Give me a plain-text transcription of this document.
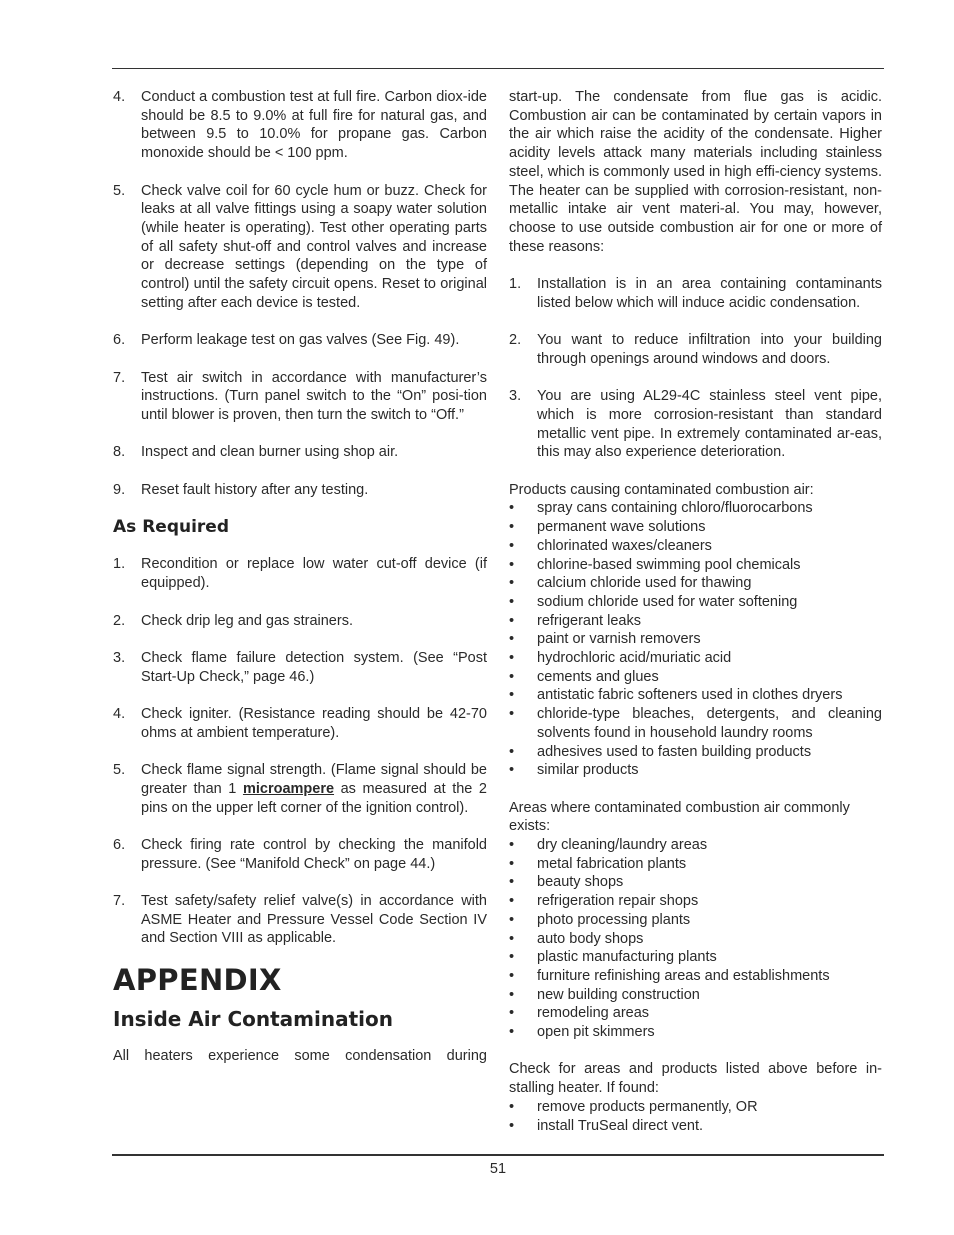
4.	Conduct a combustion test at full fire. Carbon diox-ide should be 8.5 to 9.0% at full fire for natural gas, and between 9.5 to 10.0% for propane gas. Carbon monoxide should be < 100 ppm.
5.	Check valve coil for 60 cycle hum or buzz. Check for leaks at all valve fittings using a soapy water solution (while heater is operating). Test other operating parts of all safety shut-off and control valves and increase or decrease settings (depending on the type of control) until the safety circuit opens. Reset to original setting after each device is tested.
6.	Perform leakage test on gas valves (See Fig. 49).
7.	Test air switch in accordance with manufacturer’s instructions. (Turn panel switch to the “On” posi-tion until blower is proven, then turn the switch to “Off.”
8.	Inspect and clean burner using shop air.
9.	Reset fault history after any testing.
As Required
1.	Recondition or replace low water cut-off device (if equipped).
2.	Check drip leg and gas strainers.
3.	Check flame failure detection system. (See “Post Start-Up Check,” page 46.)
4.	Check igniter. (Resistance reading should be 42-70 ohms at ambient temperature).
5.	Check flame signal strength. (Flame signal should be greater than 1 microampere as measured at the 2 pins on the upper left corner of the ignition control).
6.	Check firing rate control by checking the manifold pressure. (See “Manifold Check” on page 44.)
7.	Test safety/safety relief valve(s) in accordance with ASME Heater and Pressure Vessel Code Section IV and Section VIII as applicable.
APPENDIX
Inside Air Contamination
All heaters experience some condensation during
start-up. The condensate from flue gas is acidic. Combustion air can be contaminated by certain vapors in the air which raise the acidity of the condensate. Higher acidity levels attack many materials including stainless steel, which is commonly used in high effi-ciency systems. The heater can be supplied with corrosion-resistant, non-metallic intake air vent materi-al. You may, however, choose to use outside combustion air for one or more of these reasons:
1.	Installation is in an area containing contaminants listed below which will induce acidic condensation.
2.	You want to reduce infiltration into your building through openings around windows and doors.
3.	You are using AL29-4C stainless steel vent pipe, which is more corrosion-resistant than standard metallic vent pipe. In extremely contaminated ar-eas, this may also experience deterioration.
Products causing contaminated combustion air:
•	spray cans containing chloro/fluorocarbons
•	permanent wave solutions
•	chlorinated waxes/cleaners
•	chlorine-based swimming pool chemicals
•	calcium chloride used for thawing
•	sodium chloride used for water softening
•	refrigerant leaks
•	paint or varnish removers
•	hydrochloric acid/muriatic acid
•	cements and glues
•	antistatic fabric softeners used in clothes dryers
•	chloride-type bleaches, detergents, and cleaning solvents found in household laundry rooms
•	adhesives used to fasten building products
•	similar products
Areas where contaminated combustion air commonly exists:
•	dry cleaning/laundry areas
•	metal fabrication plants
•	beauty shops
•	refrigeration repair shops
•	photo processing plants
•	auto body shops
•	plastic manufacturing plants
•	furniture refinishing areas and establishments
•	new building construction
•	remodeling areas
•	open pit skimmers
Check for areas and products listed above before in-stalling heater. If found:
•	remove products permanently, OR
•	install TruSeal direct vent.
51
